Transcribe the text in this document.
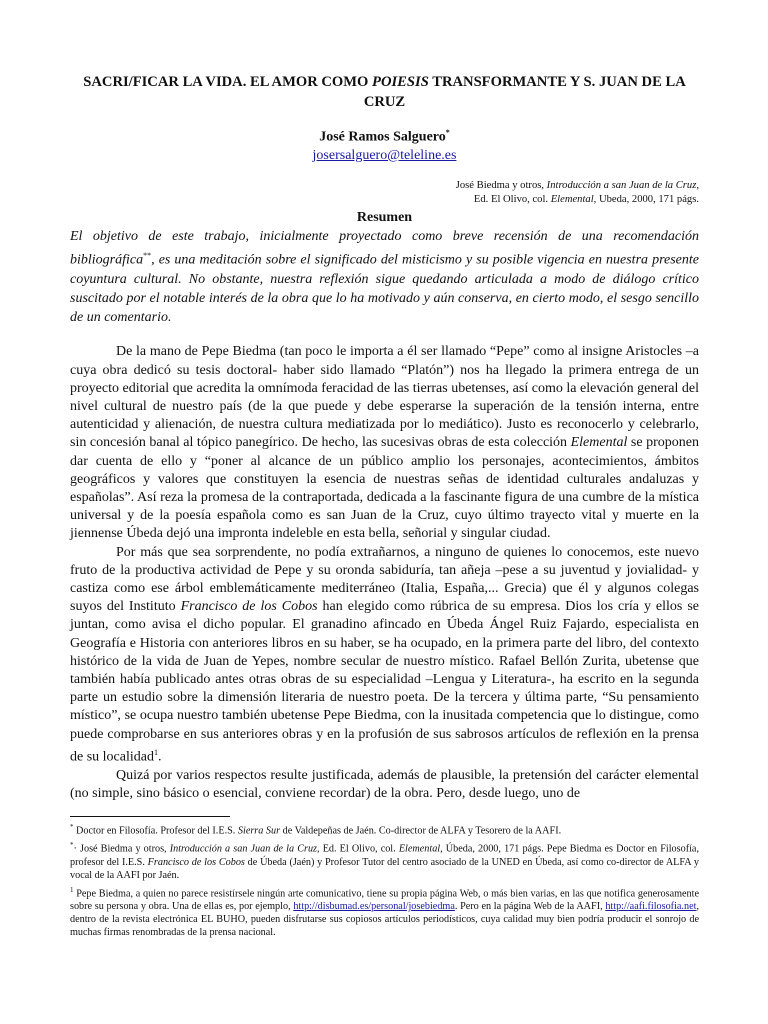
SACRI/FICAR LA VIDA. EL AMOR COMO POIESIS TRANSFORMANTE Y S. JUAN DE LA CRUZ
José Ramos Salguero*
josersalguero@teleline.es
José Biedma y otros, Introducción a san Juan de la Cruz,
Ed. El Olivo, col. Elemental, Ubeda, 2000, 171 págs.
Resumen

El objetivo de este trabajo, inicialmente proyectado como breve recensión de una recomendación bibliográfica**, es una meditación sobre el significado del misticismo y su posible vigencia en nuestra presente coyuntura cultural. No obstante, nuestra reflexión sigue quedando articulada a modo de diálogo crítico suscitado por el notable interés de la obra que lo ha motivado y aún conserva, en cierto modo, el sesgo sencillo de un comentario.

De la mano de Pepe Biedma (tan poco le importa a él ser llamado “Pepe” como al insigne Aristocles –a cuya obra dedicó su tesis doctoral- haber sido llamado “Platón”) nos ha llegado la primera entrega de un proyecto editorial que acredita la omnímoda feracidad de las tierras ubetenses, así como la elevación general del nivel cultural de nuestro país (de la que puede y debe esperarse la superación de la tensión interna, entre autenticidad y alienación, de nuestra cultura mediatizada por lo mediático). Justo es reconocerlo y celebrarlo, sin concesión banal al tópico panegírico. De hecho, las sucesivas obras de esta colección Elemental se proponen dar cuenta de ello y “poner al alcance de un público amplio los personajes, acontecimientos, ámbitos geográficos y valores que constituyen la esencia de nuestras señas de identidad culturales andaluzas y españolas”. Así reza la promesa de la contraportada, dedicada a la fascinante figura de una cumbre de la mística universal y de la poesía española como es san Juan de la Cruz, cuyo último trayecto vital y muerte en la jiennense Úbeda dejó una impronta indeleble en esta bella, señorial y singular ciudad.

Por más que sea sorprendente, no podía extrañarnos, a ninguno de quienes lo conocemos, este nuevo fruto de la productiva actividad de Pepe y su oronda sabiduría, tan añeja –pese a su juventud y jovialidad- y castiza como ese árbol emblemáticamente mediterráneo (Italia, España,... Grecia) que él y algunos colegas suyos del Instituto Francisco de los Cobos han elegido como rúbrica de su empresa. Dios los cría y ellos se juntan, como avisa el dicho popular. El granadino afincado en Úbeda Ángel Ruiz Fajardo, especialista en Geografía e Historia con anteriores libros en su haber, se ha ocupado, en la primera parte del libro, del contexto histórico de la vida de Juan de Yepes, nombre secular de nuestro místico. Rafael Bellón Zurita, ubetense que también había publicado antes otras obras de su especialidad –Lengua y Literatura-, ha escrito en la segunda parte un estudio sobre la dimensión literaria de nuestro poeta. De la tercera y última parte, “Su pensamiento místico”, se ocupa nuestro también ubetense Pepe Biedma, con la inusitada competencia que lo distingue, como puede comprobarse en sus anteriores obras y en la profusión de sus sabrosos artículos de reflexión en la prensa de su localidad$^1$.

Quizá por varios respectos resulte justificada, además de plausible, la pretensión del carácter elemental (no simple, sino básico o esencial, conviene recordar) de la obra. Pero, desde luego, uno de

* Doctor en Filosofía. Profesor del I.E.S. Sierra Sur de Valdepeñas de Jaén. Co-director de ALFA y Tesorero de la AAFI.

*· José Biedma y otros, Introducción a san Juan de la Cruz, Ed. El Olivo, col. Elemental, Úbeda, 2000, 171 págs. Pepe Biedma es Doctor en Filosofía, profesor del I.E.S. Francisco de los Cobos de Úbeda (Jaén) y Profesor Tutor del centro asociado de la UNED en Úbeda, así como co-director de ALFA y vocal de la AAFI por Jaén.

$^1$ Pepe Biedma, a quien no parece resistírsele ningún arte comunicativo, tiene su propia página Web, o más bien varias, en las que notifica generosamente sobre su persona y obra. Una de ellas es, por ejemplo, http://disbumad.es/personal/josebiedma. Pero en la página Web de la AAFI, http://aafi.filosofia.net, dentro de la revista electrónica EL BUHO, pueden disfrutarse sus copiosos artículos periodísticos, cuya calidad muy bien podría producir el sonrojo de muchas firmas renombradas de la prensa nacional.
